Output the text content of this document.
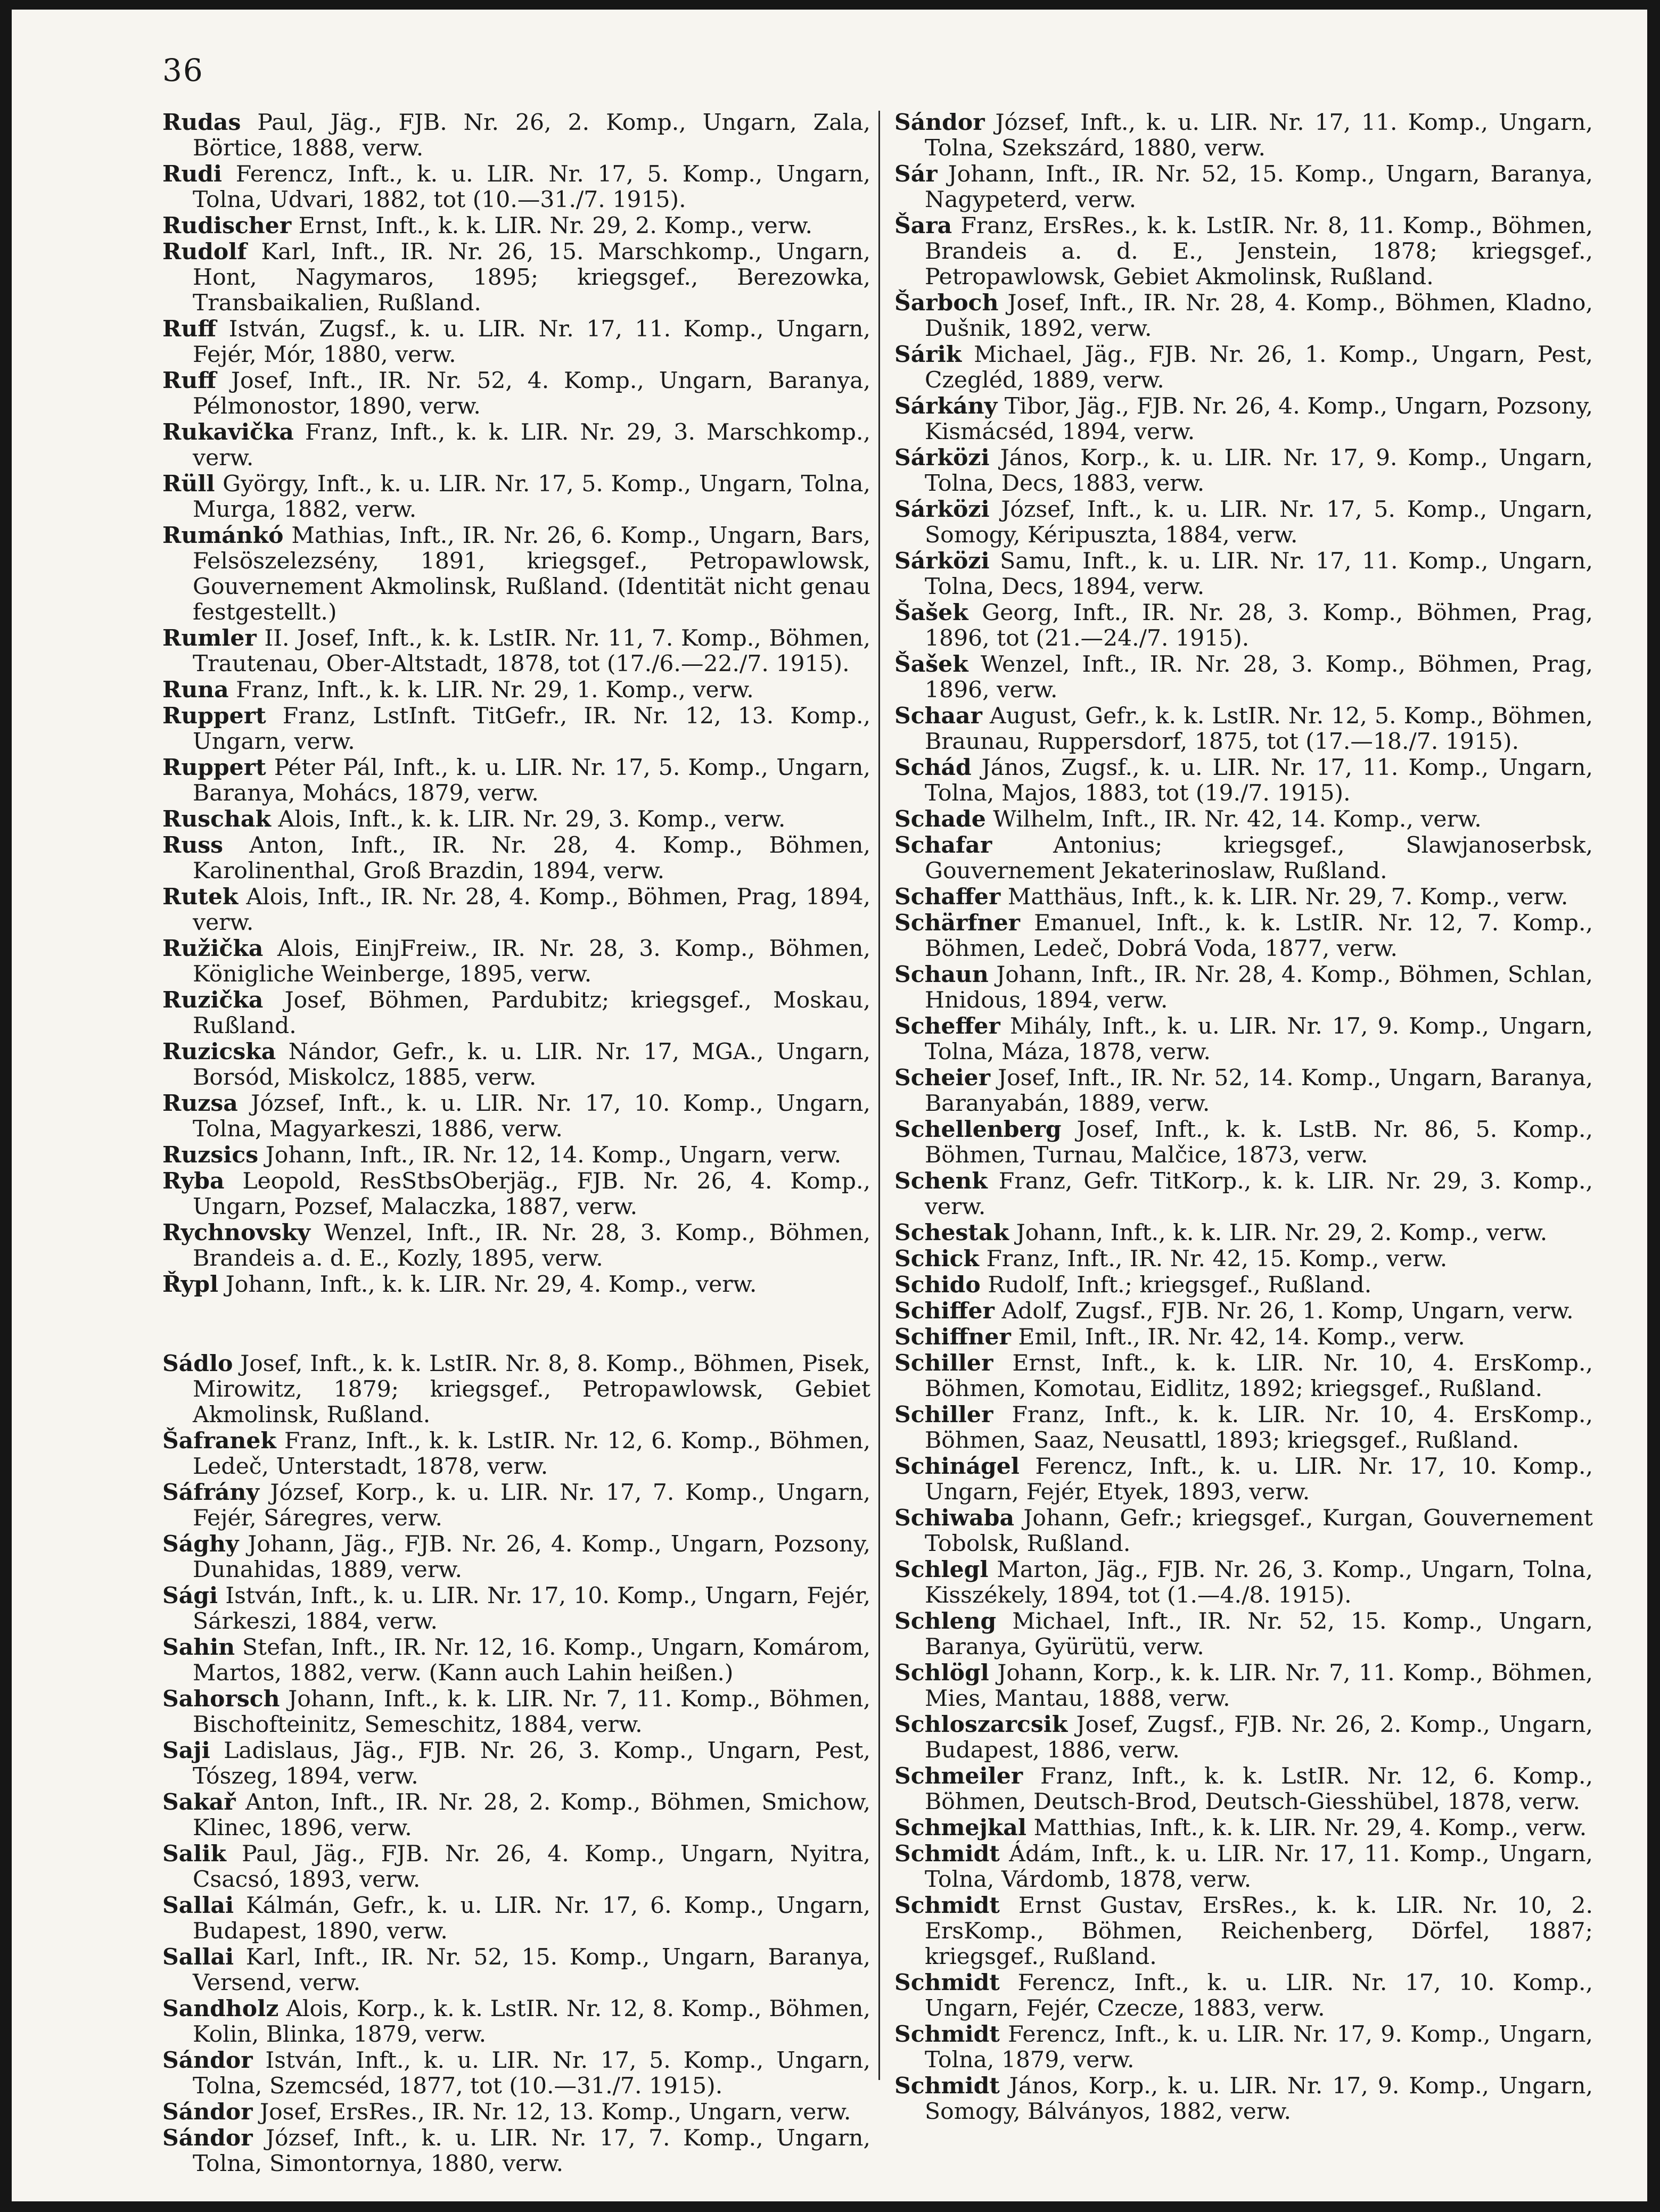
36
Rudas Paul, Jäg., FJB. Nr. 26, 2. Komp., Ungarn, Zala, Börtice, 1888, verw.
Rudi Ferencz, Inft., k. u. LIR. Nr. 17, 5. Komp., Ungarn, Tolna, Udvari, 1882, tot (10.—31./7. 1915).
Rudischer Ernst, Inft., k. k. LIR. Nr. 29, 2. Komp., verw.
Rudolf Karl, Inft., IR. Nr. 26, 15. Marschkomp., Ungarn, Hont, Nagymaros, 1895; kriegsgef., Berezowka, Transbaikalien, Rußland.
Ruff István, Zugsf., k. u. LIR. Nr. 17, 11. Komp., Ungarn, Fejér, Mór, 1880, verw.
Ruff Josef, Inft., IR. Nr. 52, 4. Komp., Ungarn, Baranya, Pélmonostor, 1890, verw.
Rukavička Franz, Inft., k. k. LIR. Nr. 29, 3. Marschkomp., verw.
Rüll György, Inft., k. u. LIR. Nr. 17, 5. Komp., Ungarn, Tolna, Murga, 1882, verw.
Rumánkó Mathias, Inft., IR. Nr. 26, 6. Komp., Ungarn, Bars, Felsöszelezsény, 1891, kriegsgef., Petropawlowsk, Gouvernement Akmolinsk, Rußland. (Identität nicht genau festgestellt.)
Rumler II. Josef, Inft., k. k. LstIR. Nr. 11, 7. Komp., Böhmen, Trautenau, Ober-Altstadt, 1878, tot (17./6.—22./7. 1915).
Runa Franz, Inft., k. k. LIR. Nr. 29, 1. Komp., verw.
Ruppert Franz, LstInft. TitGefr., IR. Nr. 12, 13. Komp., Ungarn, verw.
Ruppert Péter Pál, Inft., k. u. LIR. Nr. 17, 5. Komp., Ungarn, Baranya, Mohács, 1879, verw.
Ruschak Alois, Inft., k. k. LIR. Nr. 29, 3. Komp., verw.
Russ Anton, Inft., IR. Nr. 28, 4. Komp., Böhmen, Karolinenthal, Groß Brazdin, 1894, verw.
Rutek Alois, Inft., IR. Nr. 28, 4. Komp., Böhmen, Prag, 1894, verw.
Ružička Alois, EinjFreiw., IR. Nr. 28, 3. Komp., Böhmen, Königliche Weinberge, 1895, verw.
Ruzička Josef, Böhmen, Pardubitz; kriegsgef., Moskau, Rußland.
Ruzicska Nándor, Gefr., k. u. LIR. Nr. 17, MGA., Ungarn, Borsód, Miskolcz, 1885, verw.
Ruzsa József, Inft., k. u. LIR. Nr. 17, 10. Komp., Ungarn, Tolna, Magyarkeszi, 1886, verw.
Ruzsics Johann, Inft., IR. Nr. 12, 14. Komp., Ungarn, verw.
Ryba Leopold, ResStbsOberjäg., FJB. Nr. 26, 4. Komp., Ungarn, Pozsef, Malaczka, 1887, verw.
Rychnovsky Wenzel, Inft., IR. Nr. 28, 3. Komp., Böhmen, Brandeis a. d. E., Kozly, 1895, verw.
Řypl Johann, Inft., k. k. LIR. Nr. 29, 4. Komp., verw.
Sádlo Josef, Inft., k. k. LstIR. Nr. 8, 8. Komp., Böhmen, Pisek, Mirowitz, 1879; kriegsgef., Petropawlowsk, Gebiet Akmolinsk, Rußland.
Šafranek Franz, Inft., k. k. LstIR. Nr. 12, 6. Komp., Böhmen, Ledeč, Unterstadt, 1878, verw.
Sáfrány József, Korp., k. u. LIR. Nr. 17, 7. Komp., Ungarn, Fejér, Sáregres, verw.
Sághy Johann, Jäg., FJB. Nr. 26, 4. Komp., Ungarn, Pozsony, Dunahidas, 1889, verw.
Sági István, Inft., k. u. LIR. Nr. 17, 10. Komp., Ungarn, Fejér, Sárkeszi, 1884, verw.
Sahin Stefan, Inft., IR. Nr. 12, 16. Komp., Ungarn, Komárom, Martos, 1882, verw. (Kann auch Lahin heißen.)
Sahorsch Johann, Inft., k. k. LIR. Nr. 7, 11. Komp., Böhmen, Bischofteinitz, Semeschitz, 1884, verw.
Saji Ladislaus, Jäg., FJB. Nr. 26, 3. Komp., Ungarn, Pest, Tószeg, 1894, verw.
Sakař Anton, Inft., IR. Nr. 28, 2. Komp., Böhmen, Smichow, Klinec, 1896, verw.
Salik Paul, Jäg., FJB. Nr. 26, 4. Komp., Ungarn, Nyitra, Csacsó, 1893, verw.
Sallai Kálmán, Gefr., k. u. LIR. Nr. 17, 6. Komp., Ungarn, Budapest, 1890, verw.
Sallai Karl, Inft., IR. Nr. 52, 15. Komp., Ungarn, Baranya, Versend, verw.
Sandholz Alois, Korp., k. k. LstIR. Nr. 12, 8. Komp., Böhmen, Kolin, Blinka, 1879, verw.
Sándor István, Inft., k. u. LIR. Nr. 17, 5. Komp., Ungarn, Tolna, Szemcséd, 1877, tot (10.—31./7. 1915).
Sándor Josef, ErsRes., IR. Nr. 12, 13. Komp., Ungarn, verw.
Sándor József, Inft., k. u. LIR. Nr. 17, 7. Komp., Ungarn, Tolna, Simontornya, 1880, verw.
Sándor József, Inft., k. u. LIR. Nr. 17, 11. Komp., Ungarn, Tolna, Szekszárd, 1880, verw.
Sár Johann, Inft., IR. Nr. 52, 15. Komp., Ungarn, Baranya, Nagypeterd, verw.
Šara Franz, ErsRes., k. k. LstIR. Nr. 8, 11. Komp., Böhmen, Brandeis a. d. E., Jenstein, 1878; kriegsgef., Petropawlowsk, Gebiet Akmolinsk, Rußland.
Šarboch Josef, Inft., IR. Nr. 28, 4. Komp., Böhmen, Kladno, Dušnik, 1892, verw.
Sárik Michael, Jäg., FJB. Nr. 26, 1. Komp., Ungarn, Pest, Czegléd, 1889, verw.
Sárkány Tibor, Jäg., FJB. Nr. 26, 4. Komp., Ungarn, Pozsony, Kismácséd, 1894, verw.
Sárközi János, Korp., k. u. LIR. Nr. 17, 9. Komp., Ungarn, Tolna, Decs, 1883, verw.
Sárközi József, Inft., k. u. LIR. Nr. 17, 5. Komp., Ungarn, Somogy, Kéripuszta, 1884, verw.
Sárközi Samu, Inft., k. u. LIR. Nr. 17, 11. Komp., Ungarn, Tolna, Decs, 1894, verw.
Šašek Georg, Inft., IR. Nr. 28, 3. Komp., Böhmen, Prag, 1896, tot (21.—24./7. 1915).
Šašek Wenzel, Inft., IR. Nr. 28, 3. Komp., Böhmen, Prag, 1896, verw.
Schaar August, Gefr., k. k. LstIR. Nr. 12, 5. Komp., Böhmen, Braunau, Ruppersdorf, 1875, tot (17.—18./7. 1915).
Schád János, Zugsf., k. u. LIR. Nr. 17, 11. Komp., Ungarn, Tolna, Majos, 1883, tot (19./7. 1915).
Schade Wilhelm, Inft., IR. Nr. 42, 14. Komp., verw.
Schafar Antonius; kriegsgef., Slawjanoserbsk, Gouvernement Jekaterinoslaw, Rußland.
Schaffer Matthäus, Inft., k. k. LIR. Nr. 29, 7. Komp., verw.
Schärfner Emanuel, Inft., k. k. LstIR. Nr. 12, 7. Komp., Böhmen, Ledeč, Dobrá Voda, 1877, verw.
Schaun Johann, Inft., IR. Nr. 28, 4. Komp., Böhmen, Schlan, Hnidous, 1894, verw.
Scheffer Mihály, Inft., k. u. LIR. Nr. 17, 9. Komp., Ungarn, Tolna, Máza, 1878, verw.
Scheier Josef, Inft., IR. Nr. 52, 14. Komp., Ungarn, Baranya, Baranyabán, 1889, verw.
Schellenberg Josef, Inft., k. k. LstB. Nr. 86, 5. Komp., Böhmen, Turnau, Malčice, 1873, verw.
Schenk Franz, Gefr. TitKorp., k. k. LIR. Nr. 29, 3. Komp., verw.
Schestak Johann, Inft., k. k. LIR. Nr. 29, 2. Komp., verw.
Schick Franz, Inft., IR. Nr. 42, 15. Komp., verw.
Schido Rudolf, Inft.; kriegsgef., Rußland.
Schiffer Adolf, Zugsf., FJB. Nr. 26, 1. Komp, Ungarn, verw.
Schiffner Emil, Inft., IR. Nr. 42, 14. Komp., verw.
Schiller Ernst, Inft., k. k. LIR. Nr. 10, 4. ErsKomp., Böhmen, Komotau, Eidlitz, 1892; kriegsgef., Rußland.
Schiller Franz, Inft., k. k. LIR. Nr. 10, 4. ErsKomp., Böhmen, Saaz, Neusattl, 1893; kriegsgef., Rußland.
Schinágel Ferencz, Inft., k. u. LIR. Nr. 17, 10. Komp., Ungarn, Fejér, Etyek, 1893, verw.
Schiwaba Johann, Gefr.; kriegsgef., Kurgan, Gouvernement Tobolsk, Rußland.
Schlegl Marton, Jäg., FJB. Nr. 26, 3. Komp., Ungarn, Tolna, Kisszékely, 1894, tot (1.—4./8. 1915).
Schleng Michael, Inft., IR. Nr. 52, 15. Komp., Ungarn, Baranya, Gyürütü, verw.
Schlögl Johann, Korp., k. k. LIR. Nr. 7, 11. Komp., Böhmen, Mies, Mantau, 1888, verw.
Schloszarcsik Josef, Zugsf., FJB. Nr. 26, 2. Komp., Ungarn, Budapest, 1886, verw.
Schmeiler Franz, Inft., k. k. LstIR. Nr. 12, 6. Komp., Böhmen, Deutsch-Brod, Deutsch-Giesshübel, 1878, verw.
Schmejkal Matthias, Inft., k. k. LIR. Nr. 29, 4. Komp., verw.
Schmidt Ádám, Inft., k. u. LIR. Nr. 17, 11. Komp., Ungarn, Tolna, Várdomb, 1878, verw.
Schmidt Ernst Gustav, ErsRes., k. k. LIR. Nr. 10, 2. ErsKomp., Böhmen, Reichenberg, Dörfel, 1887; kriegsgef., Rußland.
Schmidt Ferencz, Inft., k. u. LIR. Nr. 17, 10. Komp., Ungarn, Fejér, Czecze, 1883, verw.
Schmidt Ferencz, Inft., k. u. LIR. Nr. 17, 9. Komp., Ungarn, Tolna, 1879, verw.
Schmidt János, Korp., k. u. LIR. Nr. 17, 9. Komp., Ungarn, Somogy, Bálványos, 1882, verw.
